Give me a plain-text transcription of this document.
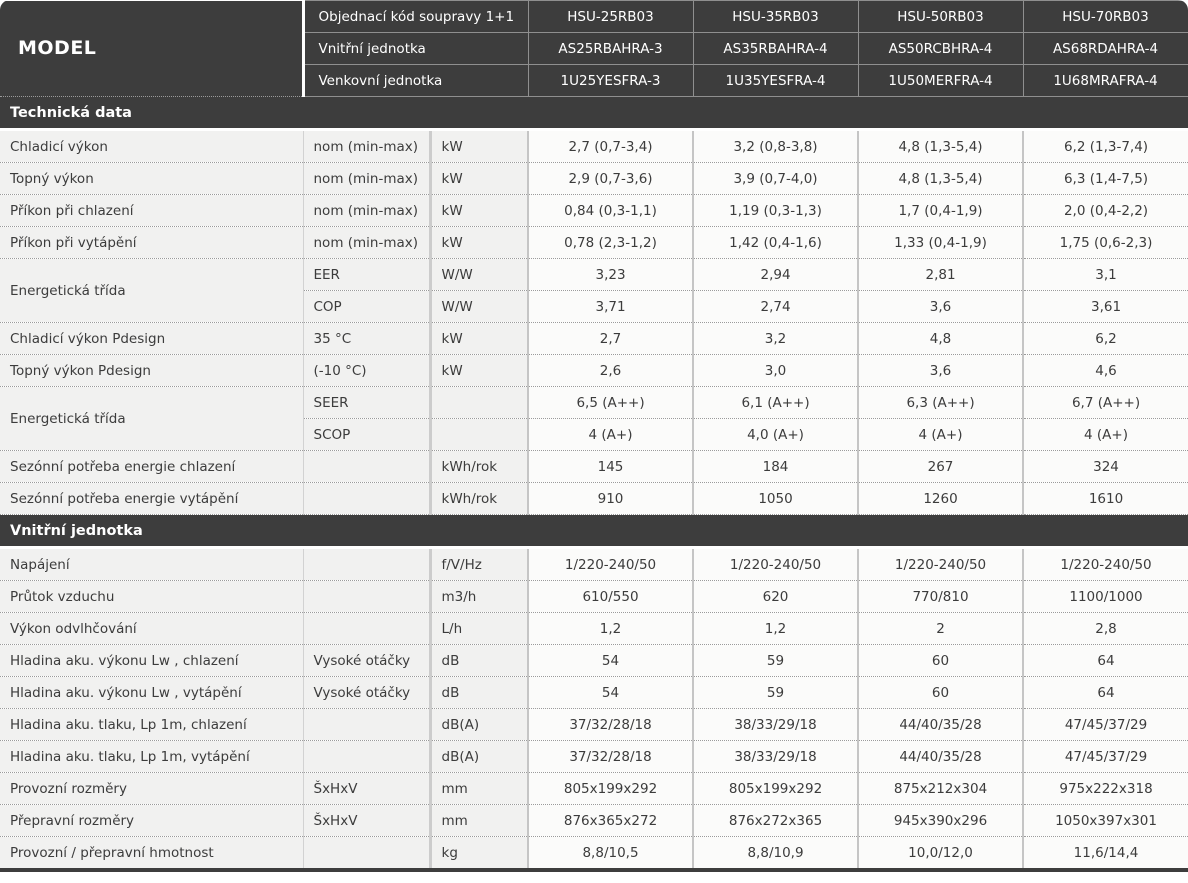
MODEL	Objednací kód soupravy 1+1		HSU-25RB03	HSU-35RB03	HSU-50RB03	HSU-70RB03
	Vnitřní jednotka		AS25RBAHRA-3	AS35RBAHRA-4	AS50RCBHRA-4	AS68RDAHRA-4
	Venkovní jednotka		1U25YESFRA-3	1U35YESFRA-4	1U50MERFRA-4	1U68MRAFRA-4
Technická data						
Chladicí výkon	nom (min-max)	kW	2,7 (0,7-3,4)	3,2 (0,8-3,8)	4,8 (1,3-5,4)	6,2 (1,3-7,4)
Topný výkon	nom (min-max)	kW	2,9 (0,7-3,6)	3,9 (0,7-4,0)	4,8 (1,3-5,4)	6,3 (1,4-7,5)
Příkon při chlazení	nom (min-max)	kW	0,84 (0,3-1,1)	1,19 (0,3-1,3)	1,7 (0,4-1,9)	2,0 (0,4-2,2)
Příkon při vytápění	nom (min-max)	kW	0,78 (2,3-1,2)	1,42 (0,4-1,6)	1,33 (0,4-1,9)	1,75 (0,6-2,3)
Energetická třída	EER	W/W	3,23	2,94	2,81	3,1
	COP	W/W	3,71	2,74	3,6	3,61
Chladicí výkon Pdesign	35 °C	kW	2,7	3,2	4,8	6,2
Topný výkon Pdesign	(-10 °C)	kW	2,6	3,0	3,6	4,6
Energetická třída	SEER		6,5 (A++)	6,1 (A++)	6,3 (A++)	6,7 (A++)
	SCOP		4 (A+)	4,0 (A+)	4 (A+)	4 (A+)
Sezónní potřeba energie chlazení		kWh/rok	145	184	267	324
Sezónní potřeba energie vytápění		kWh/rok	910	1050	1260	1610
Vnitřní jednotka						
Napájení		f/V/Hz	1/220-240/50	1/220-240/50	1/220-240/50	1/220-240/50
Průtok vzduchu		m3/h	610/550	620	770/810	1100/1000
Výkon odvlhčování		L/h	1,2	1,2	2	2,8
Hladina aku. výkonu Lw , chlazení	Vysoké otáčky	dB	54	59	60	64
Hladina aku. výkonu Lw , vytápění	Vysoké otáčky	dB	54	59	60	64
Hladina aku. tlaku, Lp 1m, chlazení		dB(A)	37/32/28/18	38/33/29/18	44/40/35/28	47/45/37/29
Hladina aku. tlaku, Lp 1m, vytápění		dB(A)	37/32/28/18	38/33/29/18	44/40/35/28	47/45/37/29
Provozní rozměry	ŠxHxV	mm	805x199x292	805x199x292	875x212x304	975x222x318
Přepravní rozměry	ŠxHxV	mm	876x365x272	876x272x365	945x390x296	1050x397x301
Provozní / přepravní hmotnost		kg	8,8/10,5	8,8/10,9	10,0/12,0	11,6/14,4
